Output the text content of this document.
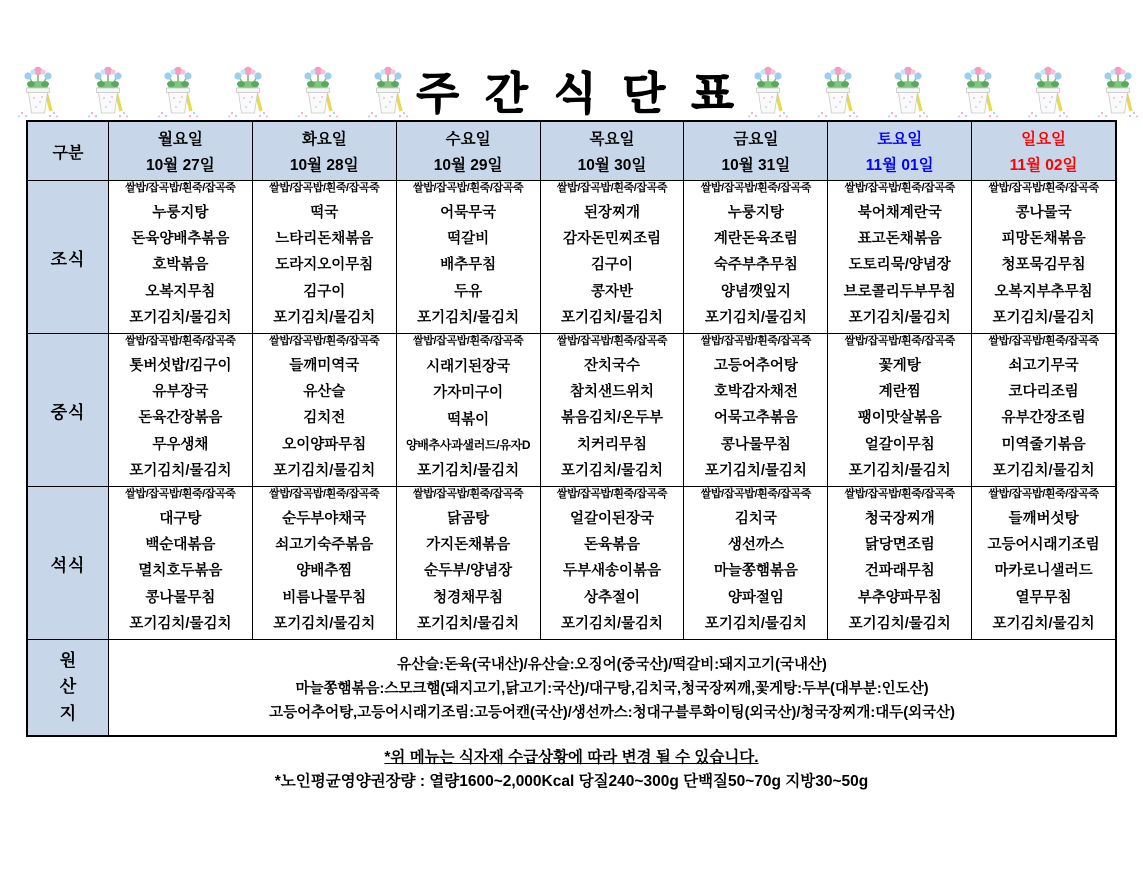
주 간 식 단 표
구분
월요일
10월 27일
화요일
10월 28일
수요일
10월 29일
목요일
10월 30일
금요일
10월 31일
토요일
11월 01일
일요일
11월 02일
조식
쌀밥/잡곡밥/흰죽/잡곡죽
누룽지탕
돈육양배추볶음
호박볶음
오복지무침
포기김치/물김치
쌀밥/잡곡밥/흰죽/잡곡죽
떡국
느타리돈채볶음
도라지오이무침
김구이
포기김치/물김치
쌀밥/잡곡밥/흰죽/잡곡죽
어묵무국
떡갈비
배추무침
두유
포기김치/물김치
쌀밥/잡곡밥/흰죽/잡곡죽
된장찌개
감자돈민찌조림
김구이
콩자반
포기김치/물김치
쌀밥/잡곡밥/흰죽/잡곡죽
누룽지탕
계란돈육조림
숙주부추무침
양념깻잎지
포기김치/물김치
쌀밥/잡곡밥/흰죽/잡곡죽
북어채계란국
표고돈채볶음
도토리묵/양념장
브로콜리두부무침
포기김치/물김치
쌀밥/잡곡밥/흰죽/잡곡죽
콩나물국
피망돈채볶음
청포묵김무침
오복지부추무침
포기김치/물김치
중식
쌀밥/잡곡밥/흰죽/잡곡죽
톳버섯밥/김구이
유부장국
돈육간장볶음
무우생채
포기김치/물김치
쌀밥/잡곡밥/흰죽/잡곡죽
들깨미역국
유산슬
김치전
오이양파무침
포기김치/물김치
쌀밥/잡곡밥/흰죽/잡곡죽
시래기된장국
가자미구이
떡볶이
양배추사과샐러드/유자D
포기김치/물김치
쌀밥/잡곡밥/흰죽/잡곡죽
잔치국수
참치샌드위치
볶음김치/온두부
치커리무침
포기김치/물김치
쌀밥/잡곡밥/흰죽/잡곡죽
고등어추어탕
호박감자채전
어묵고추볶음
콩나물무침
포기김치/물김치
쌀밥/잡곡밥/흰죽/잡곡죽
꽃게탕
계란찜
팽이맛살볶음
얼갈이무침
포기김치/물김치
쌀밥/잡곡밥/흰죽/잡곡죽
쇠고기무국
코다리조림
유부간장조림
미역줄기볶음
포기김치/물김치
석식
쌀밥/잡곡밥/흰죽/잡곡죽
대구탕
백순대볶음
멸치호두볶음
콩나물무침
포기김치/물김치
쌀밥/잡곡밥/흰죽/잡곡죽
순두부야채국
쇠고기숙주볶음
양배추찜
비름나물무침
포기김치/물김치
쌀밥/잡곡밥/흰죽/잡곡죽
닭곰탕
가지돈채볶음
순두부/양념장
청경채무침
포기김치/물김치
쌀밥/잡곡밥/흰죽/잡곡죽
얼갈이된장국
돈육볶음
두부새송이볶음
상추절이
포기김치/물김치
쌀밥/잡곡밥/흰죽/잡곡죽
김치국
생선까스
마늘쫑햄볶음
양파절임
포기김치/물김치
쌀밥/잡곡밥/흰죽/잡곡죽
청국장찌개
닭당면조림
건파래무침
부추양파무침
포기김치/물김치
쌀밥/잡곡밥/흰죽/잡곡죽
들깨버섯탕
고등어시래기조림
마카로니샐러드
열무무침
포기김치/물김치
원
산
지
유산슬:돈육(국내산)/유산슬:오징어(중국산)/떡갈비:돼지고기(국내산)
마늘쫑햄볶음:스모크햄(돼지고기,닭고기:국산)/대구탕,김치국,청국장찌깨,꽃게탕:두부(대부분:인도산)
고등어추어탕,고등어시래기조림:고등어캔(국산)/생선까스:청대구블루화이팅(외국산)/청국장찌개:대두(외국산)
*위 메뉴는 식자재 수급상황에 따라 변경 될 수 있습니다.
*노인평균영양권장량 : 열량1600~2,000Kcal 당질240~300g 단백질50~70g 지방30~50g
